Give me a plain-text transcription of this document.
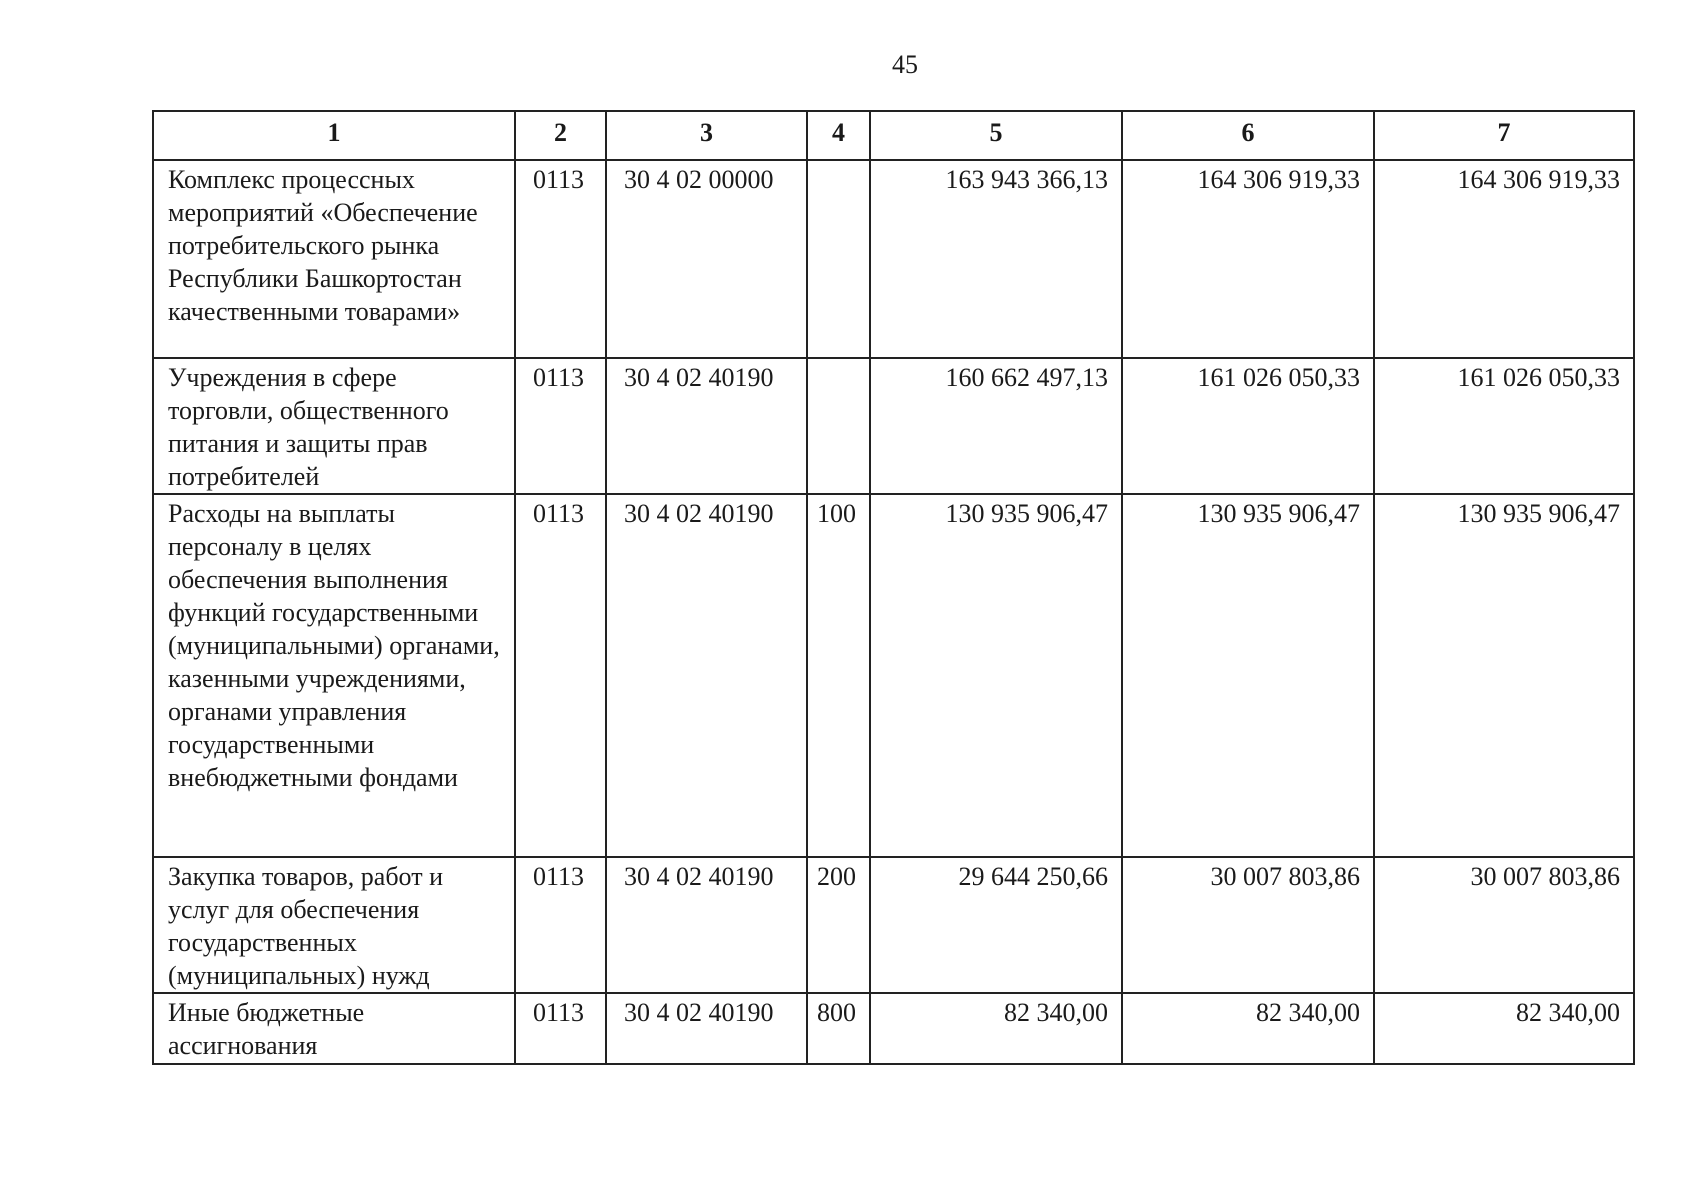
45
1	2	3	4	5	6	7
Комплекс процессных мероприятий «Обеспечение потребительского рынка Республики Башкортостан качественными товарами»	0113	30 4 02 00000		163 943 366,13	164 306 919,33	164 306 919,33
Учреждения в сфере торговли, общественного питания и защиты прав потребителей	0113	30 4 02 40190		160 662 497,13	161 026 050,33	161 026 050,33
Расходы на выплаты персоналу в целях обеспечения выполнения функций государственными (муниципальными) органами, казенными учреждениями, органами управления государственными внебюджетными фондами	0113	30 4 02 40190	100	130 935 906,47	130 935 906,47	130 935 906,47
Закупка товаров, работ и услуг для обеспечения государственных (муниципальных) нужд	0113	30 4 02 40190	200	29 644 250,66	30 007 803,86	30 007 803,86
Иные бюджетные ассигнования	0113	30 4 02 40190	800	82 340,00	82 340,00	82 340,00
